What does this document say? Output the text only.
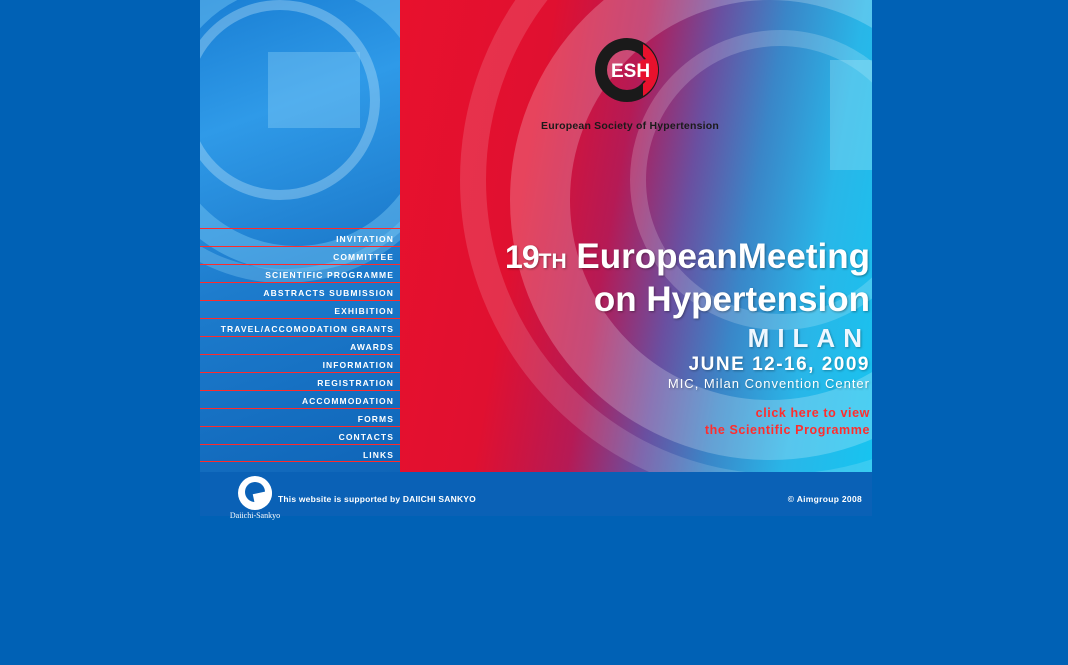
INVITATION
COMMITTEE
SCIENTIFIC PROGRAMME
ABSTRACTS SUBMISSION
EXHIBITION
TRAVEL/ACCOMODATION GRANTS
AWARDS
INFORMATION
REGISTRATION
ACCOMMODATION
FORMS
CONTACTS
LINKS
ESH
European Society of Hypertension
19TH EuropeanMeeting
on Hypertension
MILAN
JUNE 12-16, 2009
MIC, Milan Convention Center
click here to view
the Scientific Programme
Daiichi-Sankyo
This website is supported by DAIICHI SANKYO	© Aimgroup 2008
